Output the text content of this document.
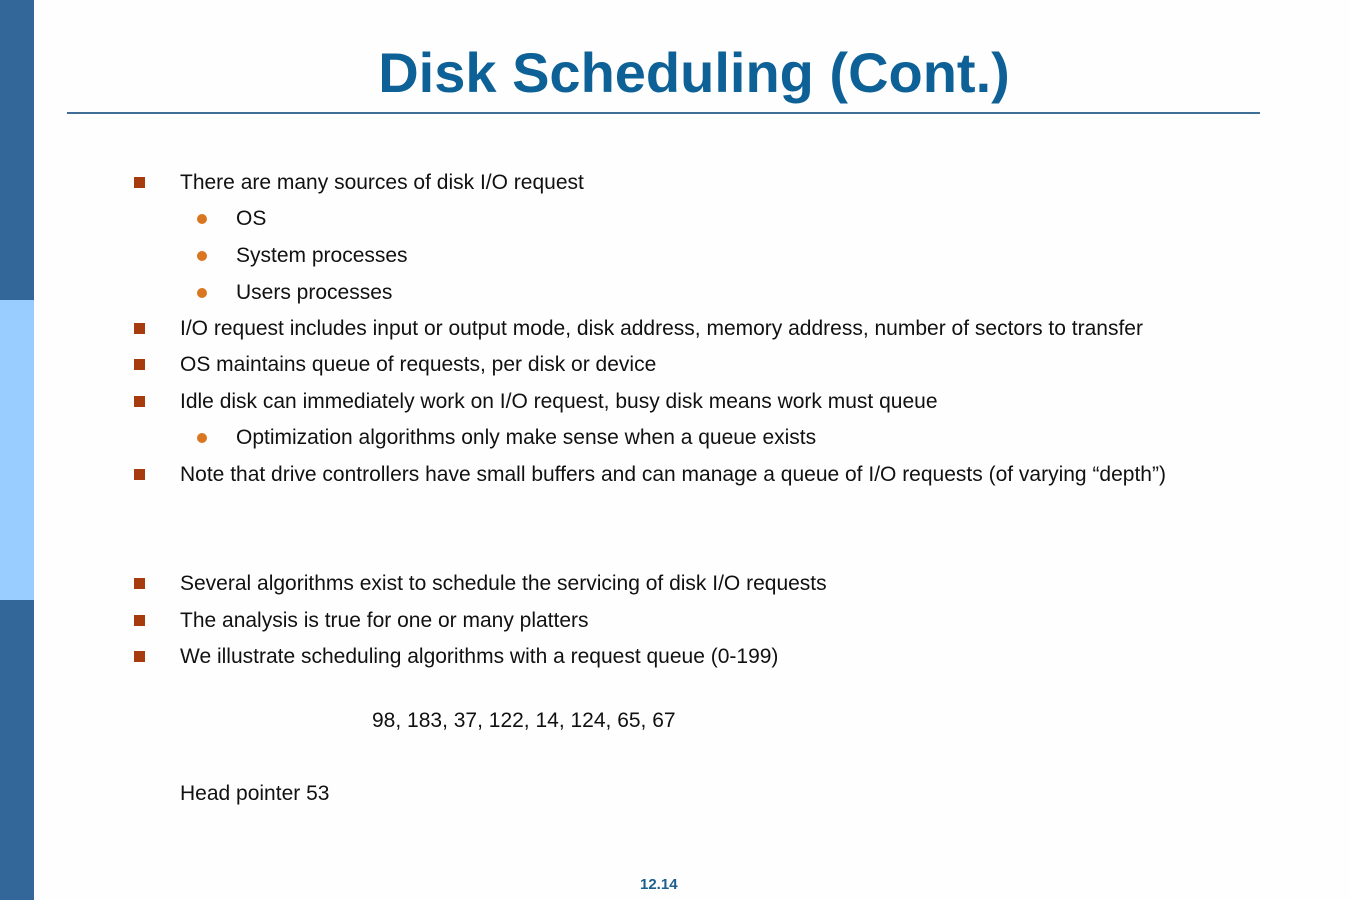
Disk Scheduling (Cont.)
There are many sources of disk I/O request
OS
System processes
Users processes
I/O request includes input or output mode, disk address, memory address, number of sectors to transfer
OS maintains queue of requests, per disk or device
Idle disk can immediately work on I/O request, busy disk means work must queue
Optimization algorithms only make sense when a queue exists
Note that drive controllers have small buffers and can manage a queue of I/O requests (of varying “depth”)
Several algorithms exist to schedule the servicing of disk I/O requests
The analysis is true for one or many platters
We illustrate scheduling algorithms with a request queue (0-199)
98, 183, 37, 122, 14, 124, 65, 67
Head pointer 53
12.14
